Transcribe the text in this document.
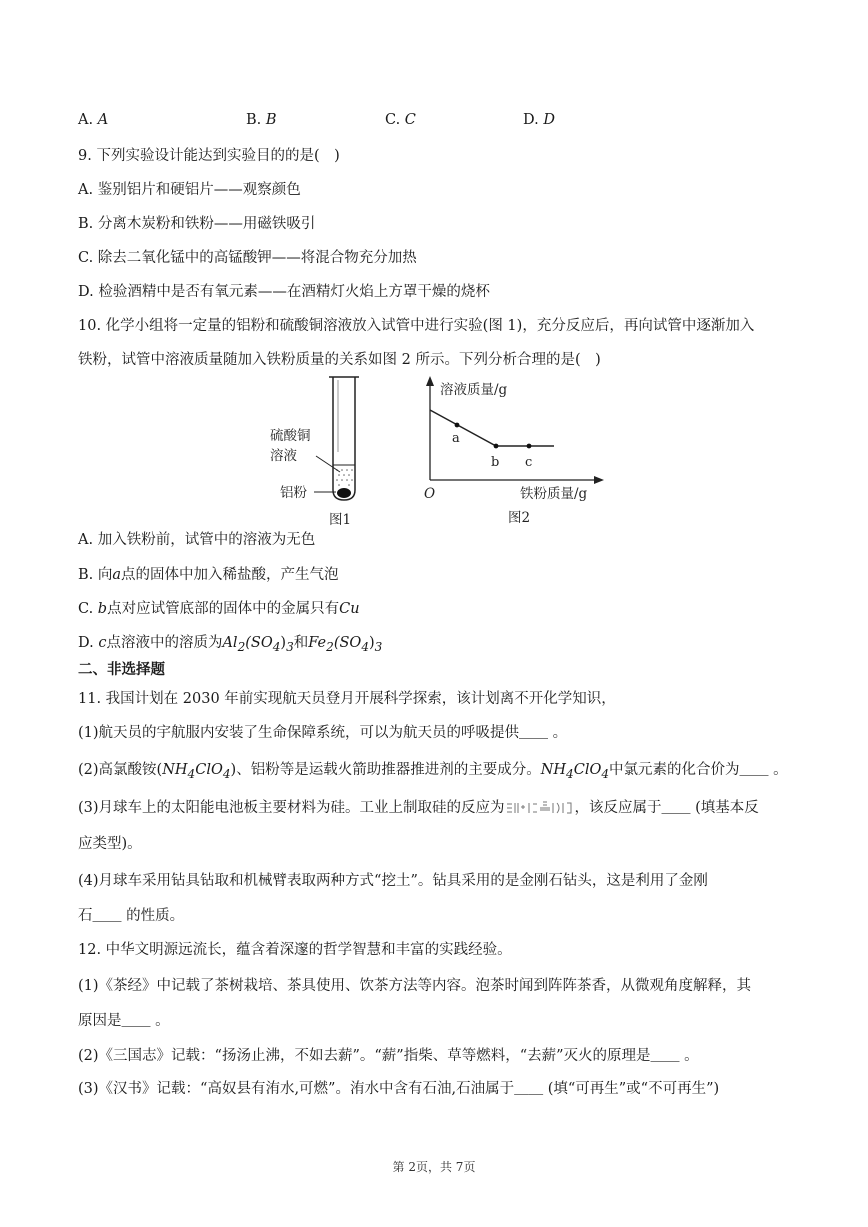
A. A	B. B	C. C	D. D
9. 下列实验设计能达到实验目的的是(　)
A. 鉴别铝片和硬铝片——观察颜色
B. 分离木炭粉和铁粉——用磁铁吸引
C. 除去二氧化锰中的高锰酸钾——将混合物充分加热
D. 检验酒精中是否有氧元素——在酒精灯火焰上方罩干燥的烧杯
10. 化学小组将一定量的铝粉和硫酸铜溶液放入试管中进行实验(图 1)，充分反应后，再向试管中逐渐加入
铁粉，试管中溶液质量随加入铁粉质量的关系如图 2 所示。下列分析合理的是(　)
硫酸铜
溶液
铝粉
图1
a
b c
溶液质量/g
铁粉质量/g
O
图2
A. 加入铁粉前，试管中的溶液为无色
B. 向a点的固体中加入稀盐酸，产生气泡
C. b点对应试管底部的固体中的金属只有Cu
D. c点溶液中的溶质为$Al_2(SO_4)_3$和$Fe_2(SO_4)_3$
二、非选择题
11. 我国计划在 2030 年前实现航天员登月开展科学探索，该计划离不开化学知识，
(1)航天员的宇航服内安装了生命保障系统，可以为航天员的呼吸提供＿＿ 。
(2)高氯酸铵$(NH_4ClO_4)$、铝粉等是运载火箭助推器推进剂的主要成分。$NH_4ClO_4$中氯元素的化合价为＿＿ 。
(3)月球车上的太阳能电池板主要材料为硅。工业上制取硅的反应为	，该反应属于＿＿ (填基本反
应类型)。
(4)月球车采用钻具钻取和机械臂表取两种方式“挖土”。钻具采用的是金刚石钻头，这是利用了金刚
石＿＿ 的性质。
12. 中华文明源远流长，蕴含着深邃的哲学智慧和丰富的实践经验。
(1)《茶经》中记载了茶树栽培、茶具使用、饮茶方法等内容。泡茶时闻到阵阵茶香，从微观角度解释，其
原因是＿＿ 。
(2)《三国志》记载：“扬汤止沸，不如去薪”。“薪”指柴、草等燃料，“去薪”灭火的原理是＿＿ 。
(3)《汉书》记载：“高奴县有洧水,可燃”。洧水中含有石油,石油属于＿＿ (填“可再生”或“不可再生”)
第 2页，共 7页
